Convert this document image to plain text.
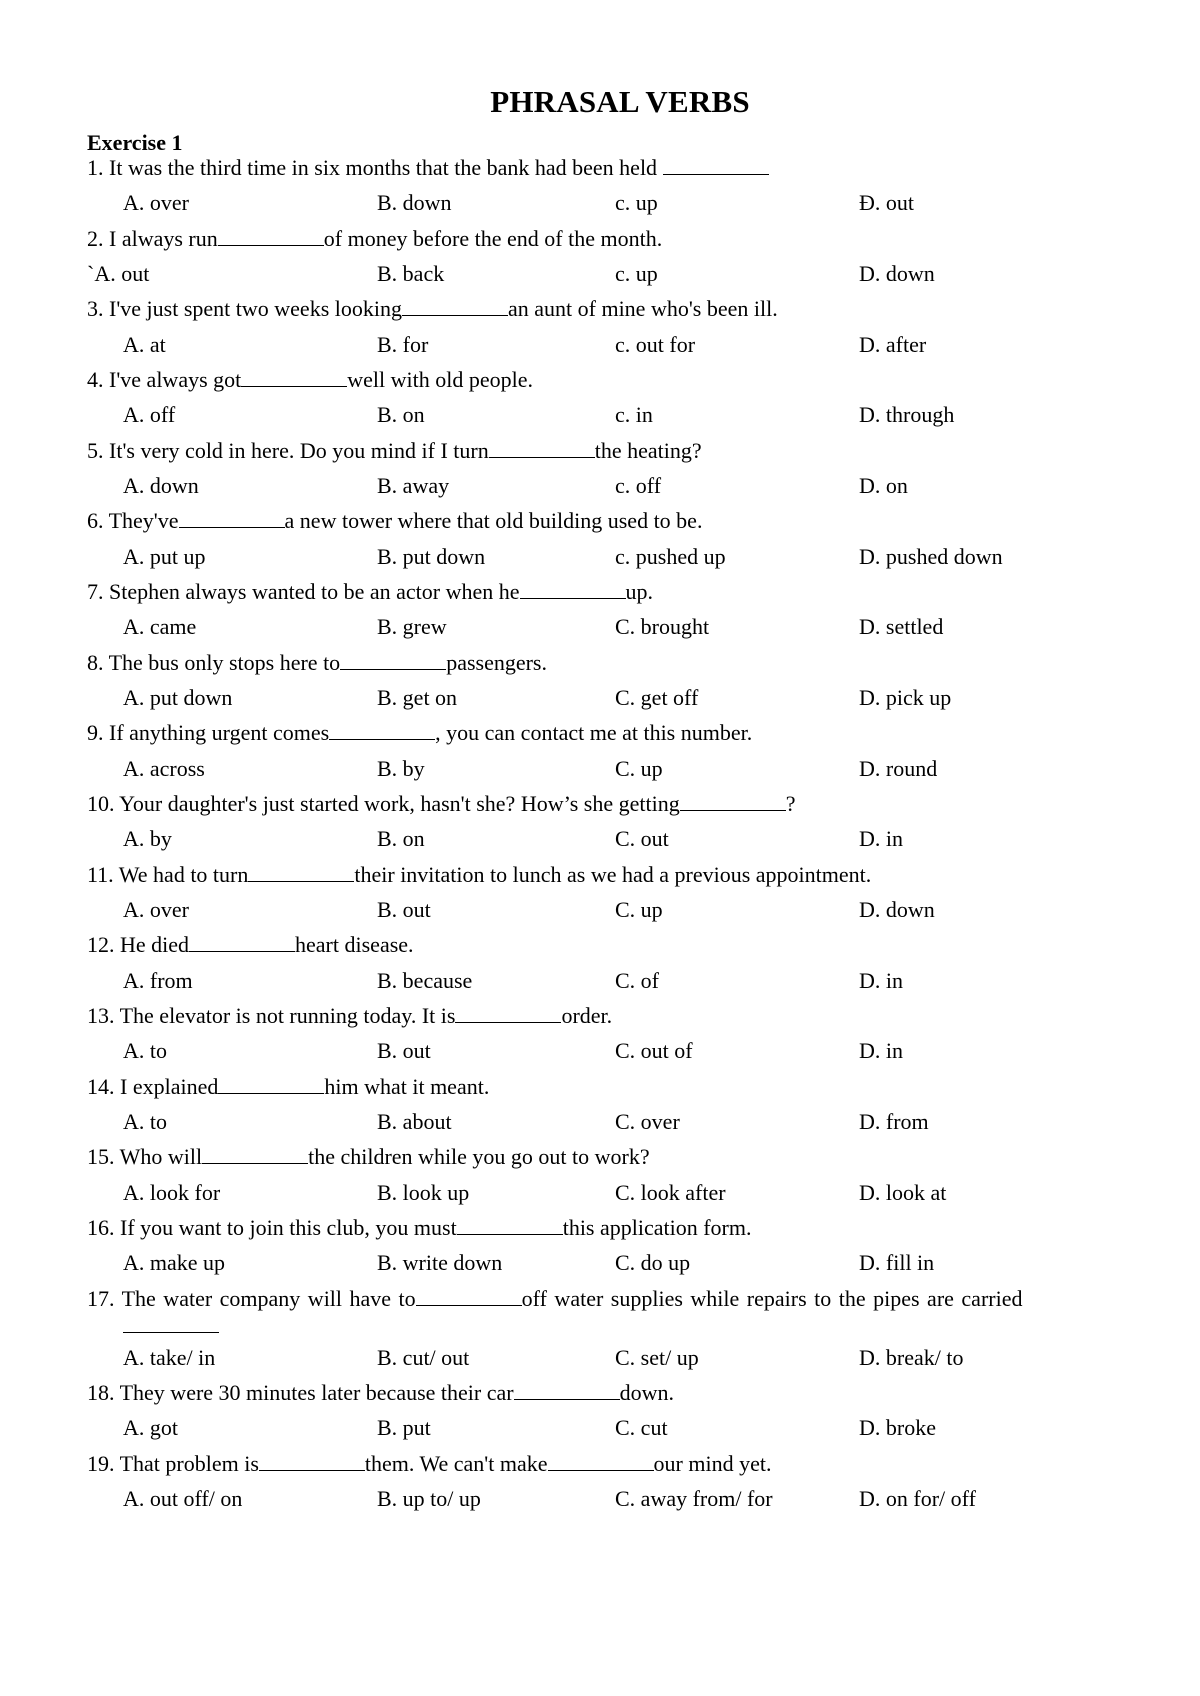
PHRASAL VERBS
Exercise 1
1. It was the third time in six months that the bank had been held
A. over	B. down	c. up	Đ. out
2. I always run	of money before the end of the month.
`A. out	B. back	c. up	D. down
3. I've just spent two weeks looking	an aunt of mine who's been ill.
A. at	B. for	c. out for	D. after
4. I've always got	well with old people.
A. off	B. on	c. in	D. through
5. It's very cold in here. Do you mind if I turn	the heating?
A. down	B. away	c. off	D. on
6. They've	a new tower where that old building used to be.
A. put up	B. put down	c. pushed up	D. pushed down
7. Stephen always wanted to be an actor when he	up.
A. came	B. grew	C. brought	D. settled
8. The bus only stops here to	passengers.
A. put down	B. get on	C. get off	D. pick up
9. If anything urgent comes	, you can contact me at this number.
A. across	B. by	C. up	D. round
10. Your daughter's just started work, hasn't she? How’s she getting	?
A. by	B. on	C. out	D. in
11. We had to turn	their invitation to lunch as we had a previous appointment.
A. over	B. out	C. up	D. down
12. He died	heart disease.
A. from	B. because	C. of	D. in
13. The elevator is not running today. It is	order.
A. to	B. out	C. out of	D. in
14. I explained	him what it meant.
A. to	B. about	C. over	D. from
15. Who will	the children while you go out to work?
A. look for	B. look up	C. look after	D. look at
16. If you want to join this club, you must	this application form.
A. make up	B. write down	C. do up	D. fill in
17. The water company will have to	off water supplies while repairs to the pipes are carried
A. take/ in	B. cut/ out	C. set/ up	D. break/ to
18. They were 30 minutes later because their car	down.
A. got	B. put	C. cut	D. broke
19. That problem is	them. We can't make	our mind yet.
A. out off/ on	B. up to/ up	C. away from/ for	D. on for/ off
